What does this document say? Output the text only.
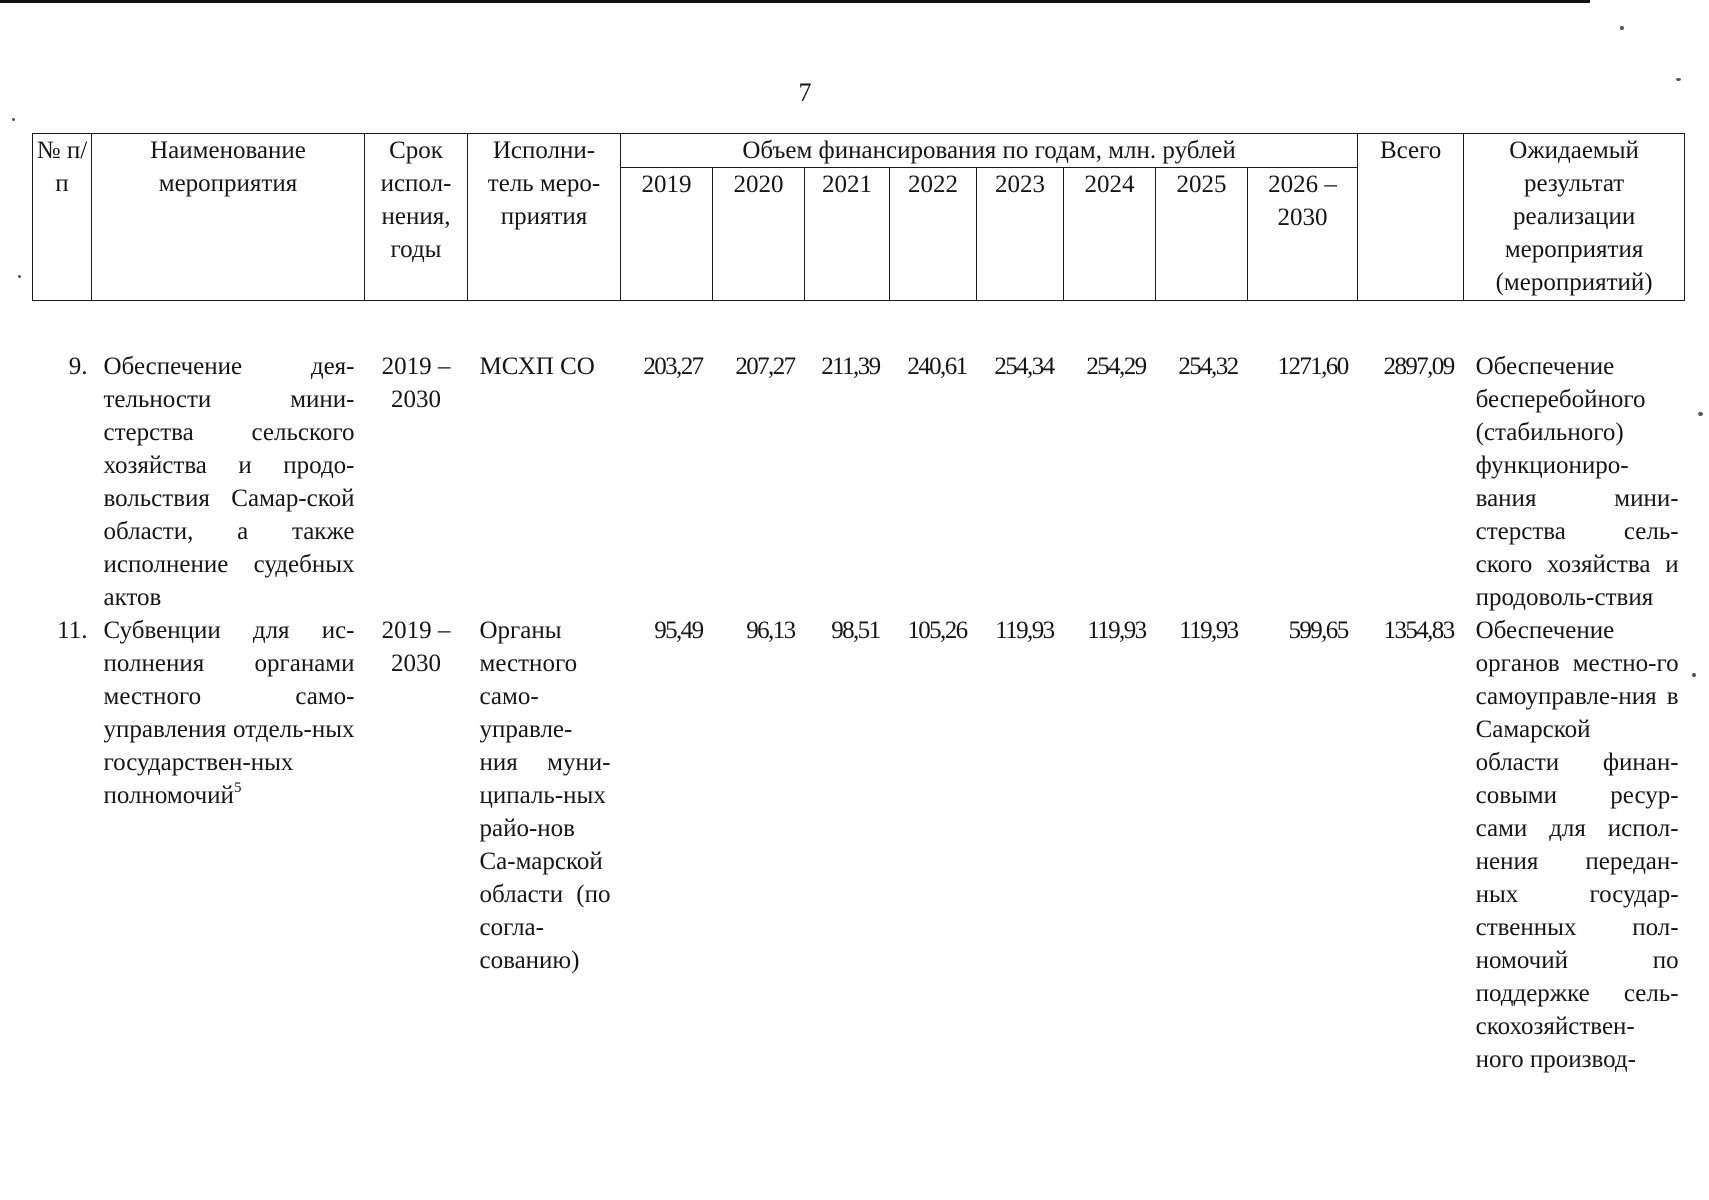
7
№ п/п	Наименование мероприятия	Срок испол-нения, годы	Исполни-тель меро-приятия	Объем финансирования по годам, млн. рублей								Всего	Ожидаемый результат реализации мероприятия (мероприятий)
				2019	2020	2021	2022	2023	2024	2025	2026 – 2030		

9.	Обеспечение дея-тельности мини-стерства сельского хозяйства и продо-вольствия Самар-ской области, а также исполнение судебных актов	2019 – 2030	МСХП СО	203,27	207,27	211,39	240,61	254,34	254,29	254,32	1271,60	2897,09	Обеспечение бесперебойного (стабильного) функциониро-вания мини-стерства сель-ского хозяйства и продоволь-ствия

11.	Субвенции для ис-полнения органами местного само-управления отдель-ных государствен-ных полномочий$^5$	2019 – 2030	Органы местного само-управле-ния муни-ципаль-ных райо-нов Са-марской области (по согла-сованию)	95,49	96,13	98,51	105,26	119,93	119,93	119,93	599,65	1354,83	Обеспечение органов местно-го самоуправле-ния в Самарской области финан-совыми ресур-сами для испол-нения передан-ных государ-ственных пол-номочий по поддержке сель-скохозяйствен-ного производ-
